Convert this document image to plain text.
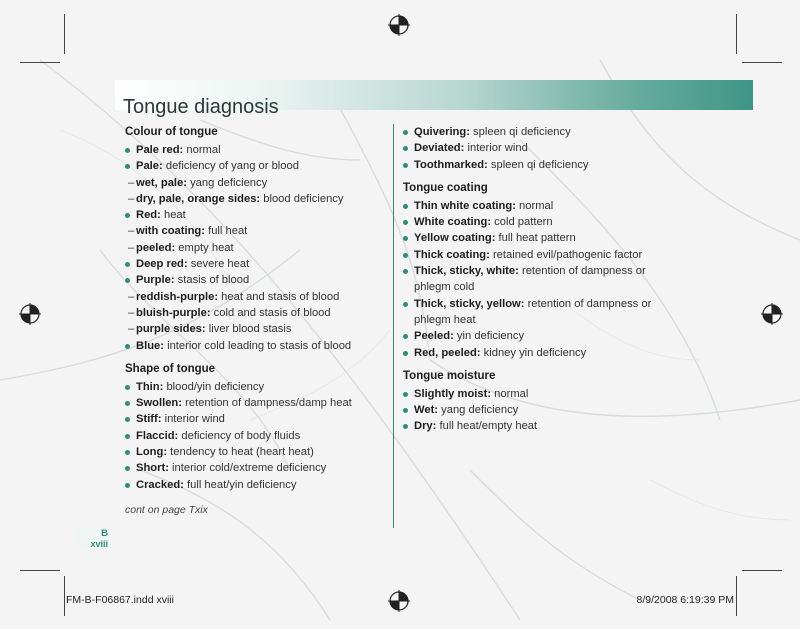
Tongue diagnosis
Colour of tongue
Pale red: normal
Pale: deficiency of yang or blood
– wet, pale: yang deficiency
– dry, pale, orange sides: blood deficiency
Red: heat
– with coating: full heat
– peeled: empty heat
Deep red: severe heat
Purple: stasis of blood
– reddish-purple: heat and stasis of blood
– bluish-purple: cold and stasis of blood
– purple sides: liver blood stasis
Blue: interior cold leading to stasis of blood
Shape of tongue
Thin: blood/yin deficiency
Swollen: retention of dampness/damp heat
Stiff: interior wind
Flaccid: deficiency of body fluids
Long: tendency to heat (heart heat)
Short: interior cold/extreme deficiency
Cracked: full heat/yin deficiency
cont on page Txix
Quivering: spleen qi deficiency
Deviated: interior wind
Toothmarked: spleen qi deficiency
Tongue coating
Thin white coating: normal
White coating: cold pattern
Yellow coating: full heat pattern
Thick coating: retained evil/pathogenic factor
Thick, sticky, white: retention of dampness or phlegm cold
Thick, sticky, yellow: retention of dampness or phlegm heat
Peeled: yin deficiency
Red, peeled: kidney yin deficiency
Tongue moisture
Slightly moist: normal
Wet: yang deficiency
Dry: full heat/empty heat
B
xviii
FM-B-F06867.indd xviii	8/9/2008 6:19:39 PM
